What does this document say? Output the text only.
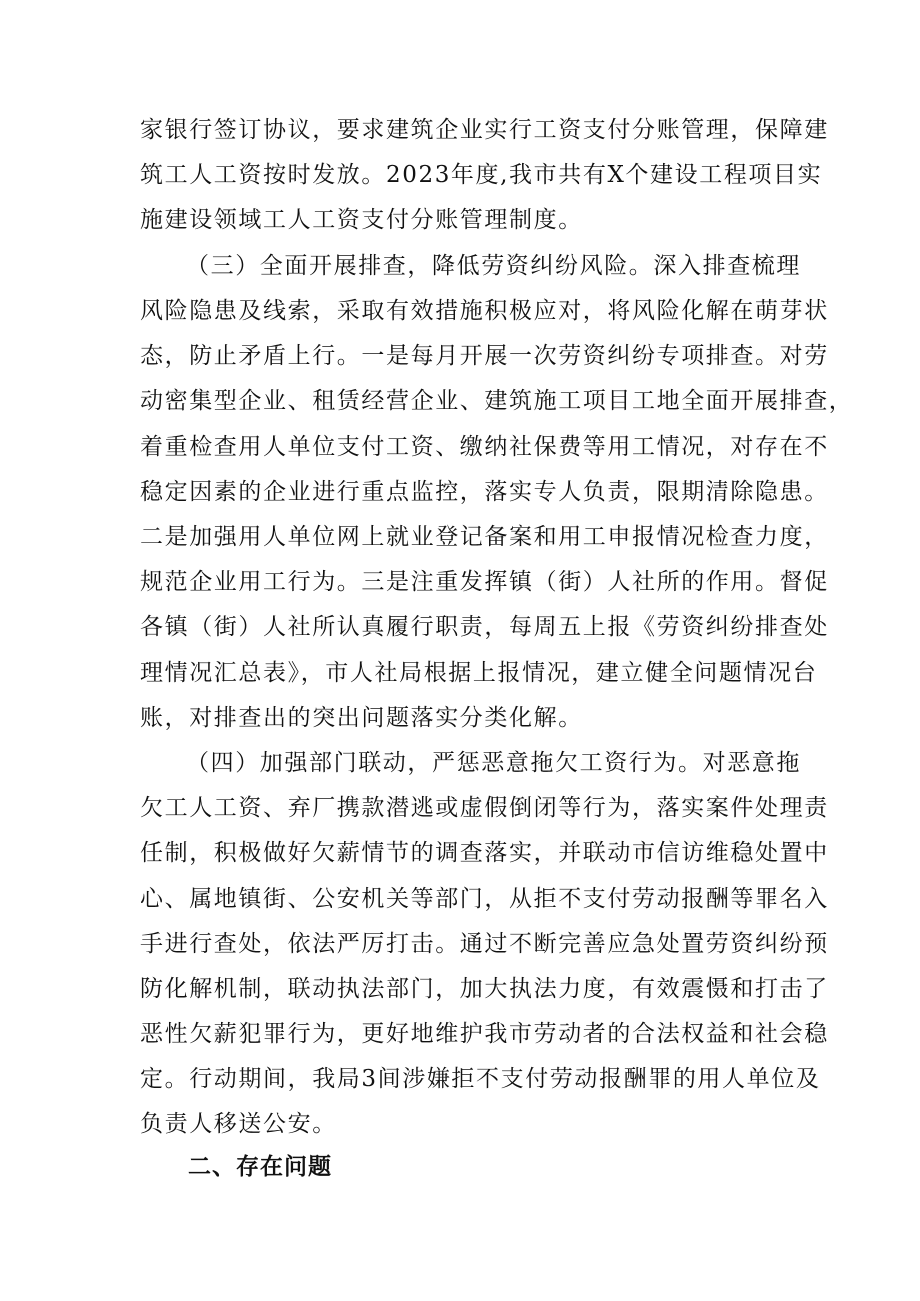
家银行签订协议，要求建筑企业实行工资支付分账管理，保障建
筑工人工资按时发放。2023年度,我市共有X个建设工程项目实
施建设领域工人工资支付分账管理制度。
（三）全面开展排查，降低劳资纠纷风险。深入排查梳理
风险隐患及线索，采取有效措施积极应对，将风险化解在萌芽状
态，防止矛盾上行。一是每月开展一次劳资纠纷专项排查。对劳
动密集型企业、租赁经营企业、建筑施工项目工地全面开展排查，
着重检查用人单位支付工资、缴纳社保费等用工情况，对存在不
稳定因素的企业进行重点监控，落实专人负责，限期清除隐患。
二是加强用人单位网上就业登记备案和用工申报情况检查力度，
规范企业用工行为。三是注重发挥镇（街）人社所的作用。督促
各镇（街）人社所认真履行职责，每周五上报《劳资纠纷排查处
理情况汇总表》，市人社局根据上报情况，建立健全问题情况台
账，对排查出的突出问题落实分类化解。
（四）加强部门联动，严惩恶意拖欠工资行为。对恶意拖
欠工人工资、弃厂携款潜逃或虚假倒闭等行为，落实案件处理责
任制，积极做好欠薪情节的调查落实，并联动市信访维稳处置中
心、属地镇街、公安机关等部门，从拒不支付劳动报酬等罪名入
手进行查处，依法严厉打击。通过不断完善应急处置劳资纠纷预
防化解机制，联动执法部门，加大执法力度，有效震慑和打击了
恶性欠薪犯罪行为，更好地维护我市劳动者的合法权益和社会稳
定。行动期间，我局3间涉嫌拒不支付劳动报酬罪的用人单位及
负责人移送公安。
二、存在问题
